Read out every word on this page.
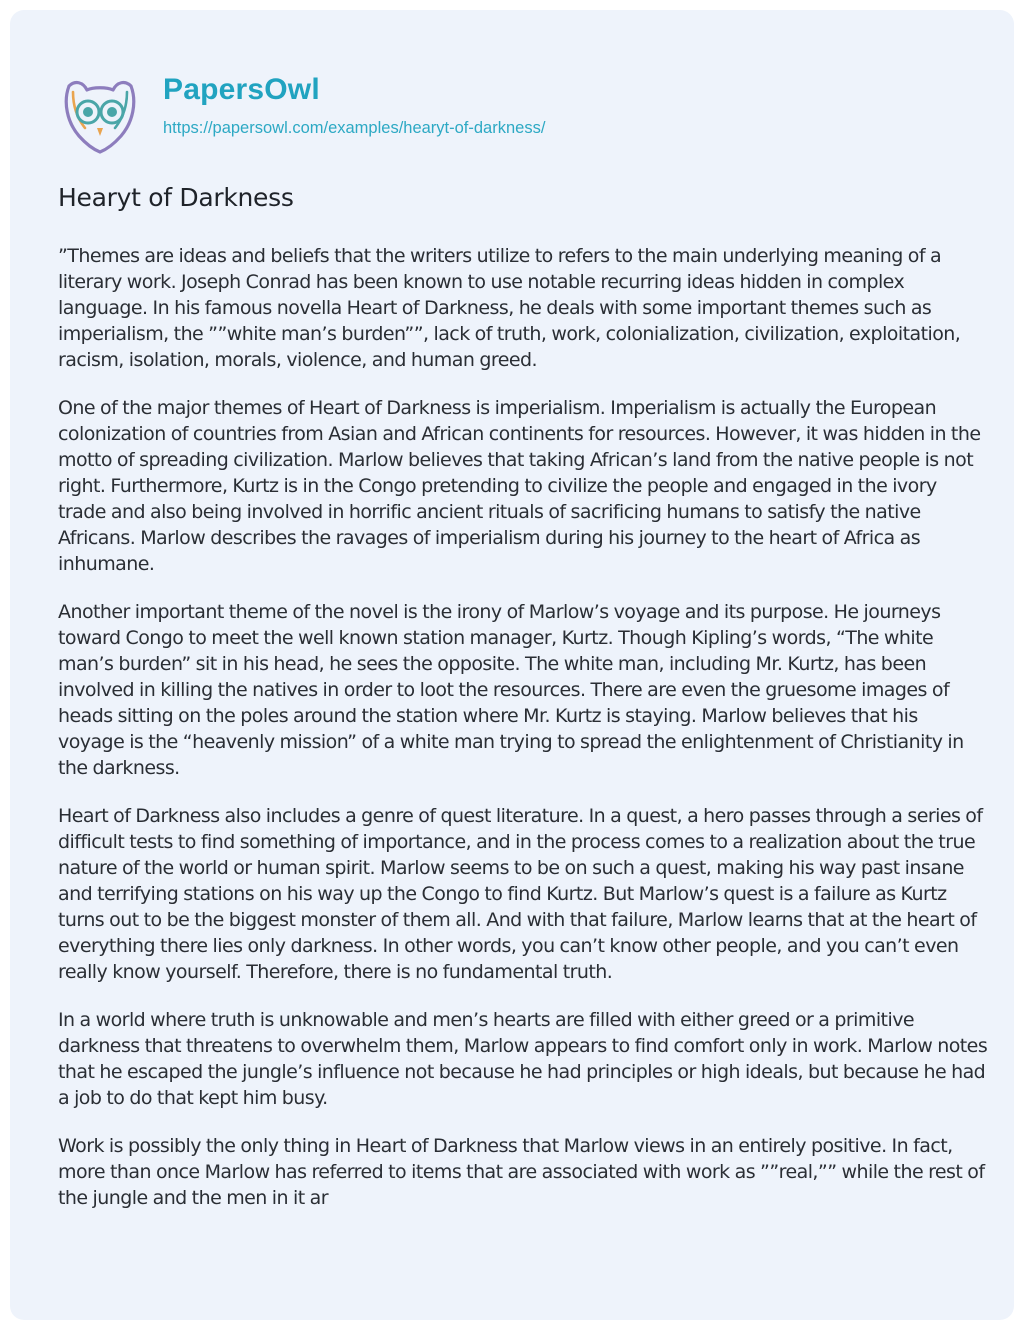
PapersOwl
https://papersowl.com/examples/hearyt-of-darkness/
Hearyt of Darkness

”Themes are ideas and beliefs that the writers utilize to refers to the main underlying meaning of a literary work. Joseph Conrad has been known to use notable recurring ideas hidden in complex language. In his famous novella Heart of Darkness, he deals with some important themes such as imperialism, the ””white man’s burden””, lack of truth, work, colonialization, civilization, exploitation, racism, isolation, morals, violence, and human greed.

One of the major themes of Heart of Darkness is imperialism. Imperialism is actually the European colonization of countries from Asian and African continents for resources. However, it was hidden in the motto of spreading civilization. Marlow believes that taking African’s land from the native people is not right. Furthermore, Kurtz is in the Congo pretending to civilize the people and engaged in the ivory trade and also being involved in horrific ancient rituals of sacrificing humans to satisfy the native Africans. Marlow describes the ravages of imperialism during his journey to the heart of Africa as inhumane.

Another important theme of the novel is the irony of Marlow’s voyage and its purpose. He journeys toward Congo to meet the well known station manager, Kurtz. Though Kipling’s words, “The white man’s burden” sit in his head, he sees the opposite. The white man, including Mr. Kurtz, has been involved in killing the natives in order to loot the resources. There are even the gruesome images of heads sitting on the poles around the station where Mr. Kurtz is staying. Marlow believes that his voyage is the “heavenly mission” of a white man trying to spread the enlightenment of Christianity in the darkness.

Heart of Darkness also includes a genre of quest literature. In a quest, a hero passes through a series of difficult tests to find something of importance, and in the process comes to a realization about the true nature of the world or human spirit. Marlow seems to be on such a quest, making his way past insane and terrifying stations on his way up the Congo to find Kurtz. But Marlow’s quest is a failure as Kurtz turns out to be the biggest monster of them all. And with that failure, Marlow learns that at the heart of everything there lies only darkness. In other words, you can’t know other people, and you can’t even really know yourself. Therefore, there is no fundamental truth.

In a world where truth is unknowable and men’s hearts are filled with either greed or a primitive darkness that threatens to overwhelm them, Marlow appears to find comfort only in work. Marlow notes that he escaped the jungle’s influence not because he had principles or high ideals, but because he had a job to do that kept him busy.

Work is possibly the only thing in Heart of Darkness that Marlow views in an entirely positive. In fact, more than once Marlow has referred to items that are associated with work as ””real,”” while the rest of the jungle and the men in it ar
